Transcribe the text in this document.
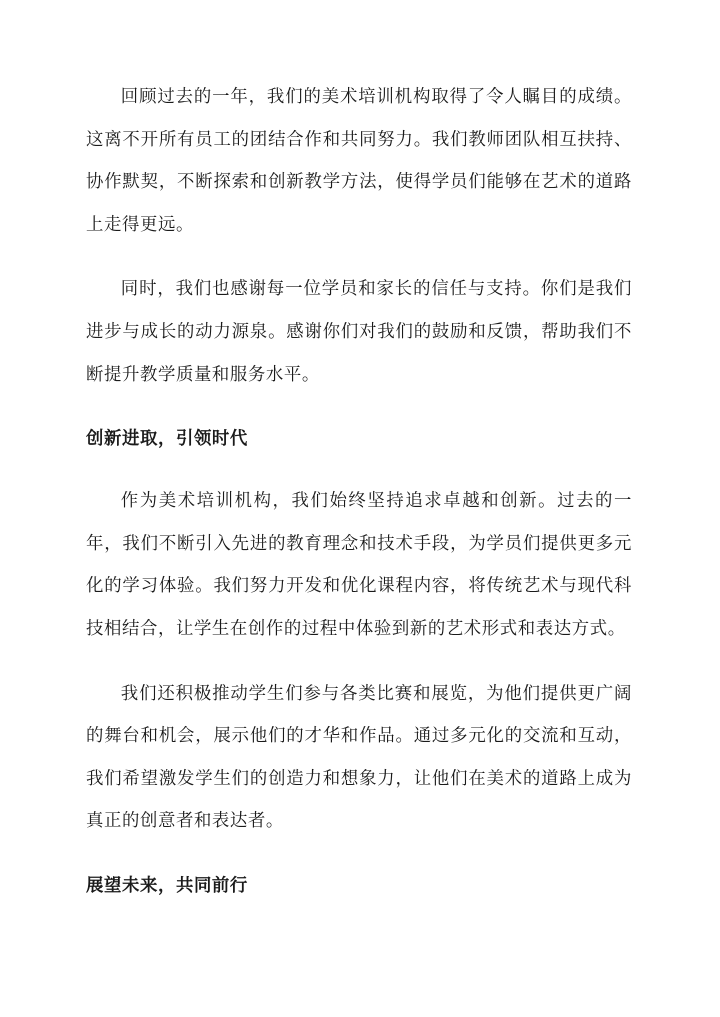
回顾过去的一年，我们的美术培训机构取得了令人瞩目的成绩。这离不开所有员工的团结合作和共同努力。我们教师团队相互扶持、协作默契，不断探索和创新教学方法，使得学员们能够在艺术的道路上走得更远。

同时，我们也感谢每一位学员和家长的信任与支持。你们是我们进步与成长的动力源泉。感谢你们对我们的鼓励和反馈，帮助我们不断提升教学质量和服务水平。

创新进取，引领时代

作为美术培训机构，我们始终坚持追求卓越和创新。过去的一年，我们不断引入先进的教育理念和技术手段，为学员们提供更多元化的学习体验。我们努力开发和优化课程内容，将传统艺术与现代科技相结合，让学生在创作的过程中体验到新的艺术形式和表达方式。

我们还积极推动学生们参与各类比赛和展览，为他们提供更广阔的舞台和机会，展示他们的才华和作品。通过多元化的交流和互动，我们希望激发学生们的创造力和想象力，让他们在美术的道路上成为真正的创意者和表达者。

展望未来，共同前行
